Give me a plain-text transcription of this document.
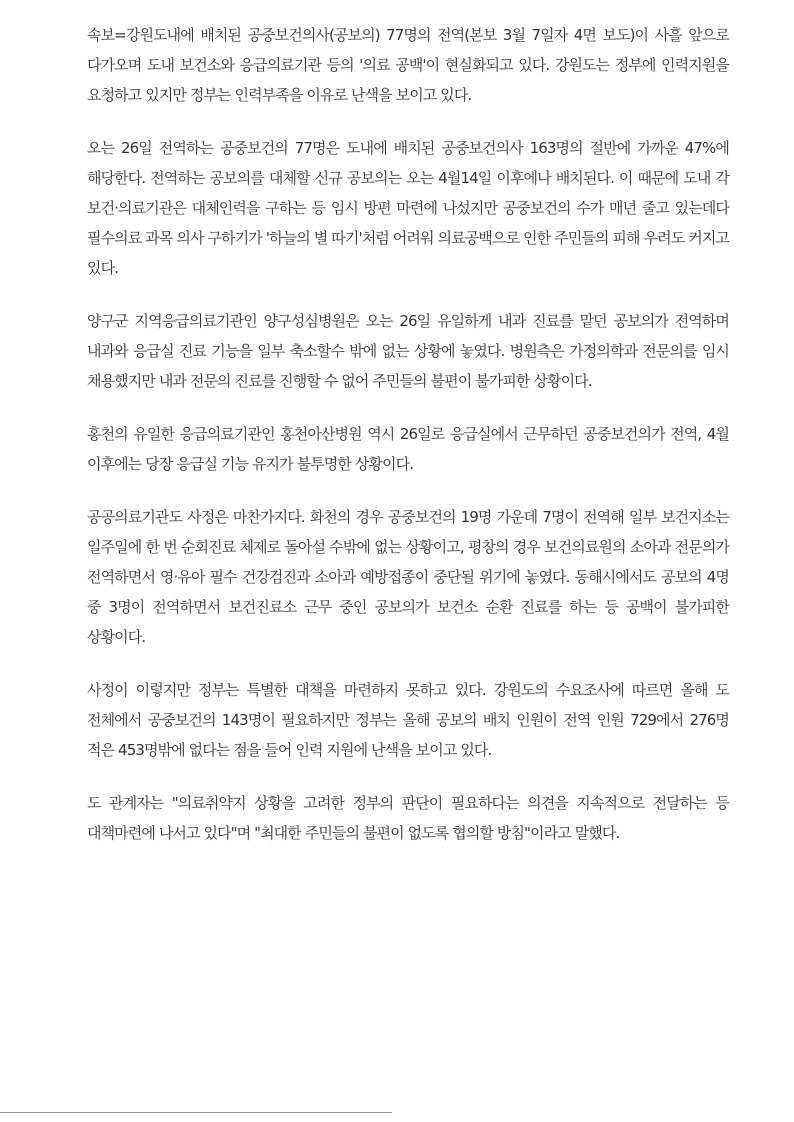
속보=강원도내에 배치된 공중보건의사(공보의) 77명의 전역(본보 3월 7일자 4면 보도)이 사흘 앞으로 다가오며 도내 보건소와 응급의료기관 등의 '의료 공백'이 현실화되고 있다. 강원도는 정부에 인력지원을 요청하고 있지만 정부는 인력부족을 이유로 난색을 보이고 있다.

오는 26일 전역하는 공중보건의 77명은 도내에 배치된 공중보건의사 163명의 절반에 가까운 47%에 해당한다. 전역하는 공보의를 대체할 신규 공보의는 오는 4월14일 이후에나 배치된다. 이 때문에 도내 각 보건·의료기관은 대체인력을 구하는 등 임시 방편 마련에 나섰지만 공중보건의 수가 매년 줄고 있는데다 필수의료 과목 의사 구하기가 '하늘의 별 따기'처럼 어려워 의료공백으로 인한 주민들의 피해 우려도 커지고 있다.

양구군 지역응급의료기관인 양구성심병원은 오는 26일 유일하게 내과 진료를 맡던 공보의가 전역하며 내과와 응급실 진료 기능을 일부 축소할수 밖에 없는 상황에 놓였다. 병원측은 가정의학과 전문의를 임시 채용했지만 내과 전문의 진료를 진행할 수 없어 주민들의 불편이 불가피한 상황이다.

홍천의 유일한 응급의료기관인 홍천아산병원 역시 26일로 응급실에서 근무하던 공중보건의가 전역, 4월 이후에는 당장 응급실 기능 유지가 불투명한 상황이다.

공공의료기관도 사정은 마찬가지다. 화천의 경우 공중보건의 19명 가운데 7명이 전역해 일부 보건지소는 일주일에 한 번 순회진료 체제로 돌아설 수밖에 없는 상황이고, 평창의 경우 보건의료원의 소아과 전문의가 전역하면서 영·유아 필수 건강검진과 소아과 예방접종이 중단될 위기에 놓였다. 동해시에서도 공보의 4명 중 3명이 전역하면서 보건진료소 근무 중인 공보의가 보건소 순환 진료를 하는 등 공백이 불가피한 상황이다.

사정이 이렇지만 정부는 특별한 대책을 마련하지 못하고 있다. 강원도의 수요조사에 따르면 올해 도 전체에서 공중보건의 143명이 필요하지만 정부는 올해 공보의 배치 인원이 전역 인원 729에서 276명 적은 453명밖에 없다는 점을 들어 인력 지원에 난색을 보이고 있다.

도 관계자는 "의료취약지 상황을 고려한 정부의 판단이 필요하다는 의견을 지속적으로 전달하는 등 대책마련에 나서고 있다"며 "최대한 주민들의 불편이 없도록 협의할 방침"이라고 말했다.
